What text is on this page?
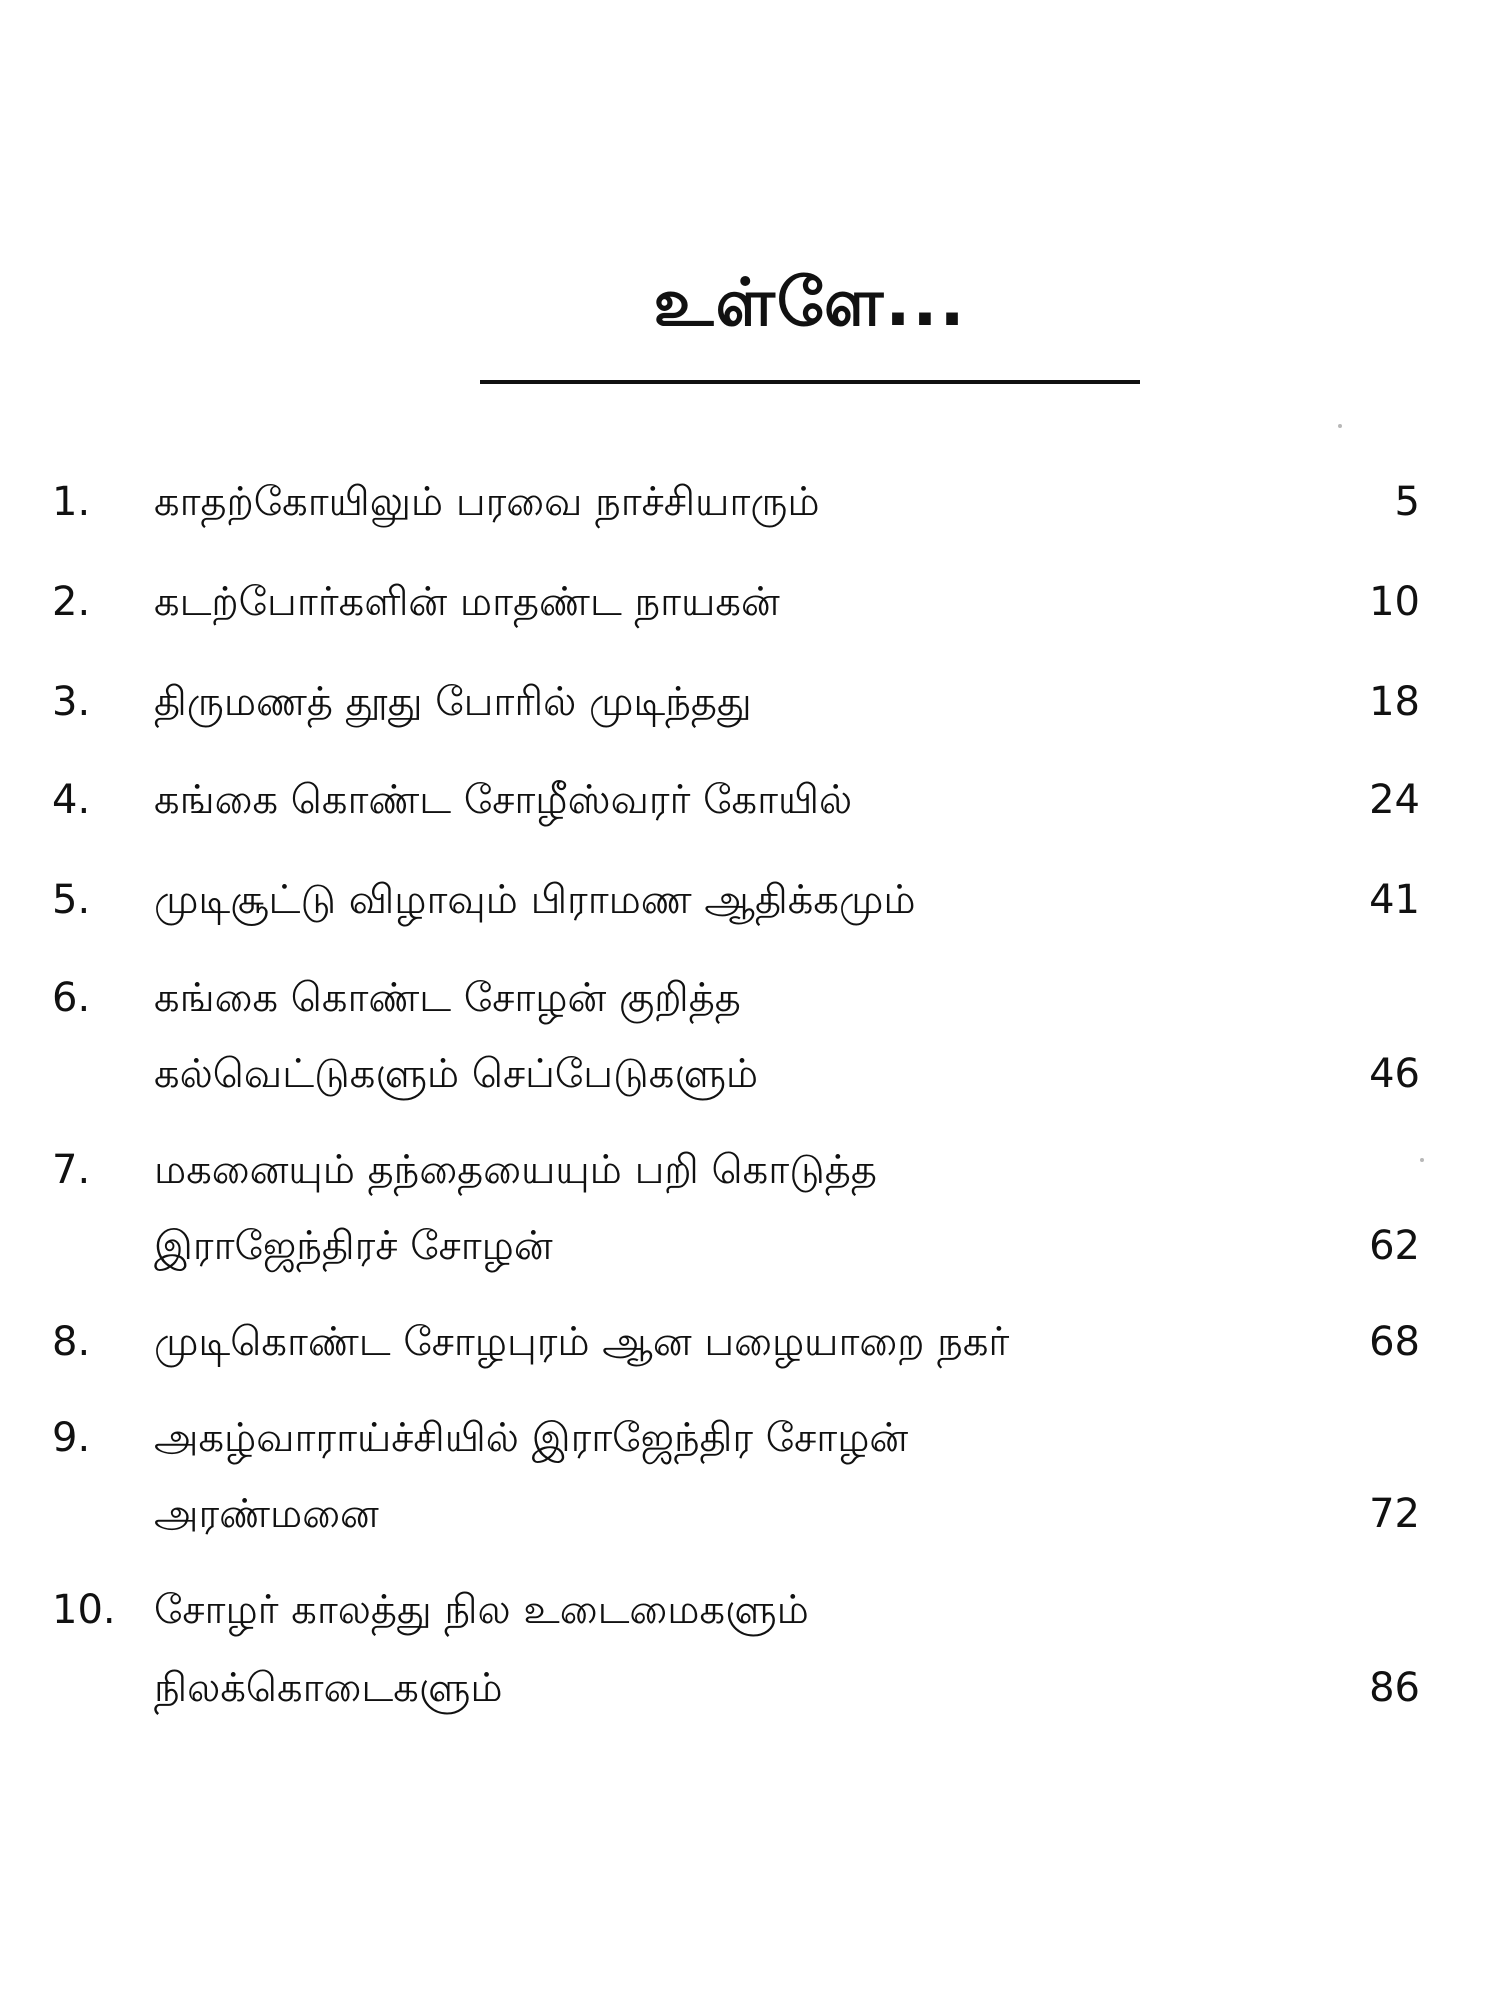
உள்ளே...
1. காதற்கோயிலும் பரவை நாச்சியாரும்	5
2. கடற்போர்களின் மாதண்ட நாயகன்	10
3. திருமணத் தூது போரில் முடிந்தது	18
4. கங்கை கொண்ட சோழீஸ்வரர் கோயில்	24
5. முடிசூட்டு விழாவும் பிராமண ஆதிக்கமும்	41
6. கங்கை கொண்ட சோழன் குறித்த
கல்வெட்டுகளும் செப்பேடுகளும்	46
7. மகனையும் தந்தையையும் பறி கொடுத்த
இராஜேந்திரச் சோழன்	62
8. முடிகொண்ட சோழபுரம் ஆன பழையாறை நகர்	68
9. அகழ்வாராய்ச்சியில் இராஜேந்திர சோழன்
அரண்மனை	72
10. சோழர் காலத்து நில உடைமைகளும்
நிலக்கொடைகளும்	86
